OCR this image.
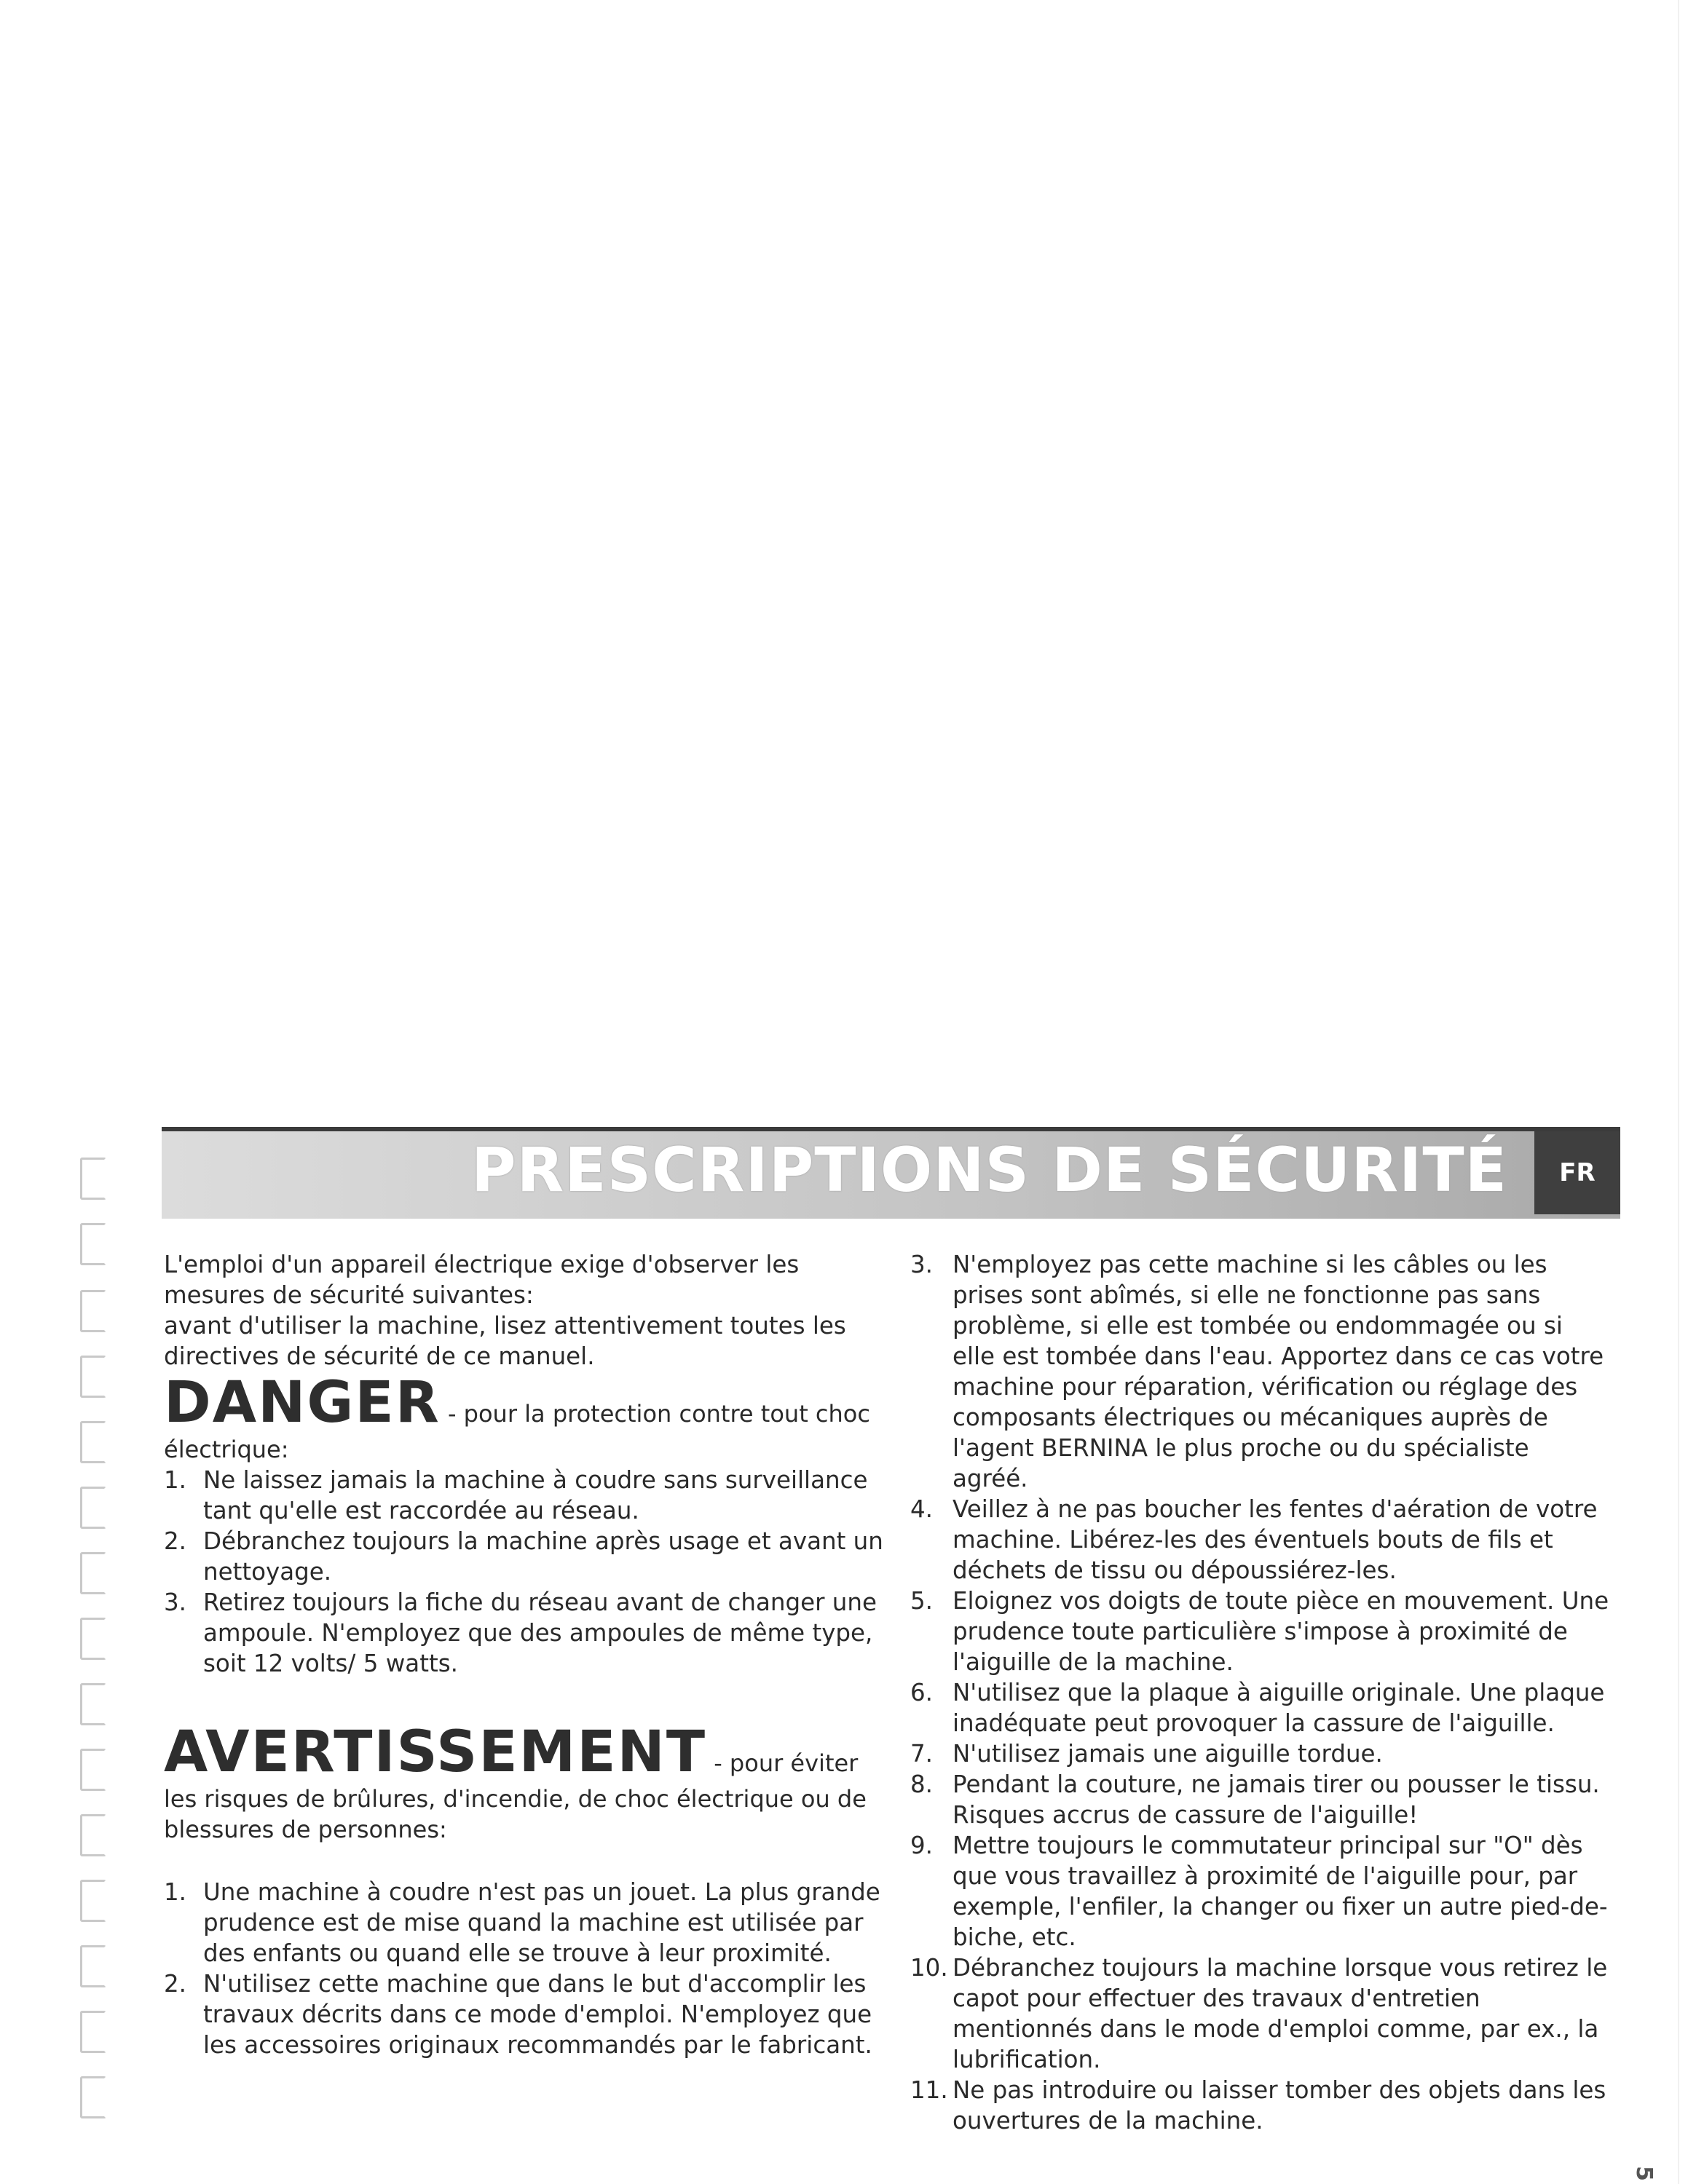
PRESCRIPTIONS DE SÉCURITÉ	FR

L'emploi d'un appareil électrique exige d'observer les mesures de sécurité suivantes:

avant d'utiliser la machine, lisez attentivement toutes les directives de sécurité de ce manuel.

DANGER - pour la protection contre tout choc électrique:

1. Ne laissez jamais la machine à coudre sans surveillance tant qu'elle est raccordée au réseau.
2. Débranchez toujours la machine après usage et avant un nettoyage.
3. Retirez toujours la fiche du réseau avant de changer une ampoule. N'employez que des ampoules de même type, soit 12 volts/ 5 watts.

AVERTISSEMENT - pour éviter les risques de brûlures, d'incendie, de choc électrique ou de blessures de personnes:

1. Une machine à coudre n'est pas un jouet. La plus grande prudence est de mise quand la machine est utilisée par des enfants ou quand elle se trouve à leur proximité.
2. N'utilisez cette machine que dans le but d'accomplir les travaux décrits dans ce mode d'emploi. N'employez que les accessoires originaux recommandés par le fabricant.
3. N'employez pas cette machine si les câbles ou les prises sont abîmés, si elle ne fonctionne pas sans problème, si elle est tombée ou endommagée ou si elle est tombée dans l'eau. Apportez dans ce cas votre machine pour réparation, vérification ou réglage des composants électriques ou mécaniques auprès de l'agent BERNINA le plus proche ou du spécialiste agréé.
4. Veillez à ne pas boucher les fentes d'aération de votre machine. Libérez-les des éventuels bouts de fils et déchets de tissu ou dépoussiérez-les.
5. Eloignez vos doigts de toute pièce en mouvement. Une prudence toute particulière s'impose à proximité de l'aiguille de la machine.
6. N'utilisez que la plaque à aiguille originale. Une plaque inadéquate peut provoquer la cassure de l'aiguille.
7. N'utilisez jamais une aiguille tordue.
8. Pendant la couture, ne jamais tirer ou pousser le tissu. Risques accrus de cassure de l'aiguille!
9. Mettre toujours le commutateur principal sur "O" dès que vous travaillez à proximité de l'aiguille pour, par exemple, l'enfiler, la changer ou fixer un autre pied-de-biche, etc.
10. Débranchez toujours la machine lorsque vous retirez le capot pour effectuer des travaux d'entretien mentionnés dans le mode d'emploi comme, par ex., la lubrification.
11. Ne pas introduire ou laisser tomber des objets dans les ouvertures de la machine.
5
